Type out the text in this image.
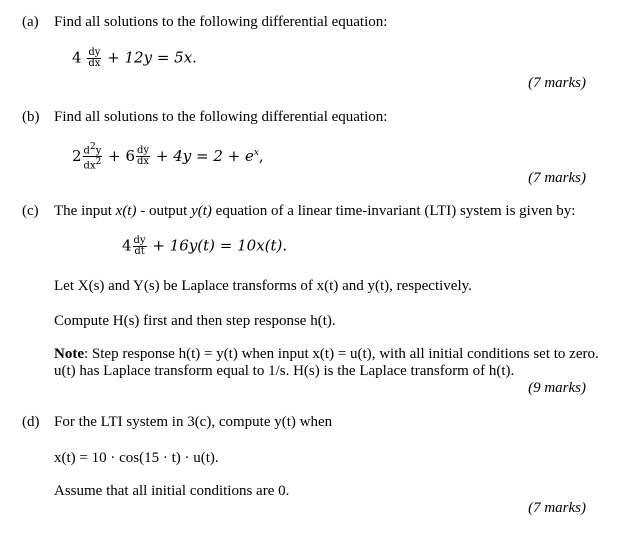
(a) Find all solutions to the following differential equation:
$4 \frac{dy}{dx} + 12y = 5x$.
(7 marks)
(b) Find all solutions to the following differential equation:
$2 \frac{d^2y}{dx^2} + 6 \frac{dy}{dx} + 4y = 2 + e^x$,
(7 marks)
(c) The input x(t) - output y(t) equation of a linear time-invariant (LTI) system is given by:
$4 \frac{dy}{dt} + 16y(t) = 10x(t)$.
Let X(s) and Y(s) be Laplace transforms of x(t) and y(t), respectively.
Compute H(s) first and then step response h(t).
Note: Step response h(t) = y(t) when input x(t) = u(t), with all initial conditions set to zero.
u(t) has Laplace transform equal to 1/s. H(s) is the Laplace transform of h(t).
(9 marks)
(d) For the LTI system in 3(c), compute y(t) when
x(t) = 10 · cos(15 · t) · u(t).
Assume that all initial conditions are 0.
(7 marks)
